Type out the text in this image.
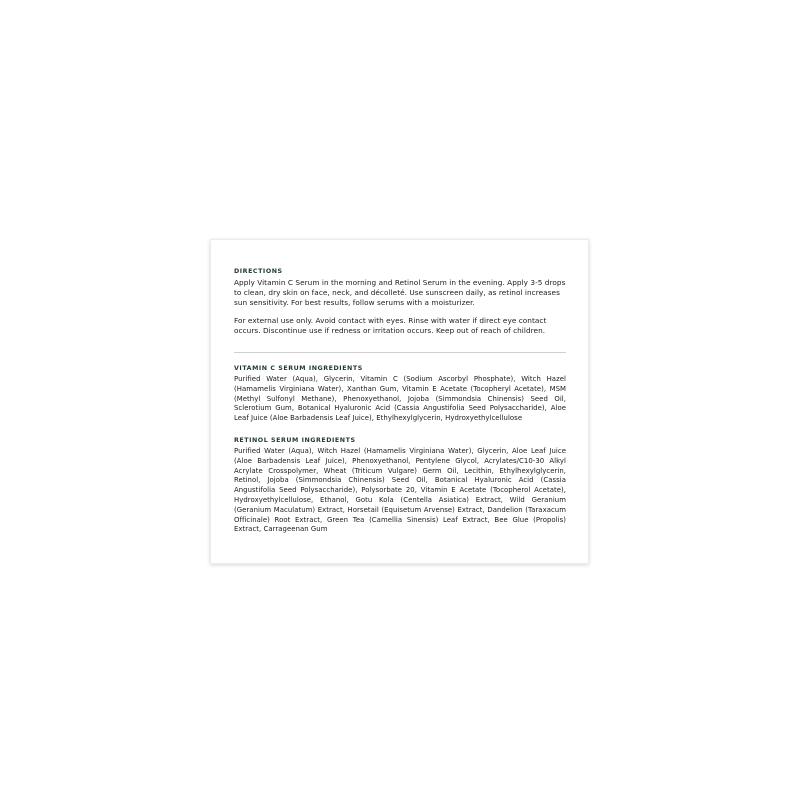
DIRECTIONS

Apply Vitamin C Serum in the morning and Retinol Serum in the evening. Apply 3-5 drops to clean, dry skin on face, neck, and décolleté. Use sunscreen daily, as retinol increases sun sensitivity. For best results, follow serums with a moisturizer.

For external use only. Avoid contact with eyes. Rinse with water if direct eye contact occurs. Discontinue use if redness or irritation occurs. Keep out of reach of children.

VITAMIN C SERUM INGREDIENTS

Purified Water (Aqua), Glycerin, Vitamin C (Sodium Ascorbyl Phosphate), Witch Hazel (Hamamelis Virginiana Water), Xanthan Gum, Vitamin E Acetate (Tocopheryl Acetate), MSM (Methyl Sulfonyl Methane), Phenoxyethanol, Jojoba (Simmondsia Chinensis) Seed Oil, Sclerotium Gum, Botanical Hyaluronic Acid (Cassia Angustifolia Seed Polysaccharide), Aloe Leaf Juice (Aloe Barbadensis Leaf Juice), Ethylhexylglycerin, Hydroxyethylcellulose

RETINOL SERUM INGREDIENTS

Purified Water (Aqua), Witch Hazel (Hamamelis Virginiana Water), Glycerin, Aloe Leaf Juice (Aloe Barbadensis Leaf Juice), Phenoxyethanol, Pentylene Glycol, Acrylates/C10-30 Alkyl Acrylate Crosspolymer, Wheat (Triticum Vulgare) Germ Oil, Lecithin, Ethylhexylglycerin, Retinol, Jojoba (Simmondsia Chinensis) Seed Oil, Botanical Hyaluronic Acid (Cassia Angustifolia Seed Polysaccharide), Polysorbate 20, Vitamin E Acetate (Tocopherol Acetate), Hydroxyethylcellulose, Ethanol, Gotu Kola (Centella Asiatica) Extract, Wild Geranium (Geranium Maculatum) Extract, Horsetail (Equisetum Arvense) Extract, Dandelion (Taraxacum Officinale) Root Extract, Green Tea (Camellia Sinensis) Leaf Extract, Bee Glue (Propolis) Extract, Carrageenan Gum
